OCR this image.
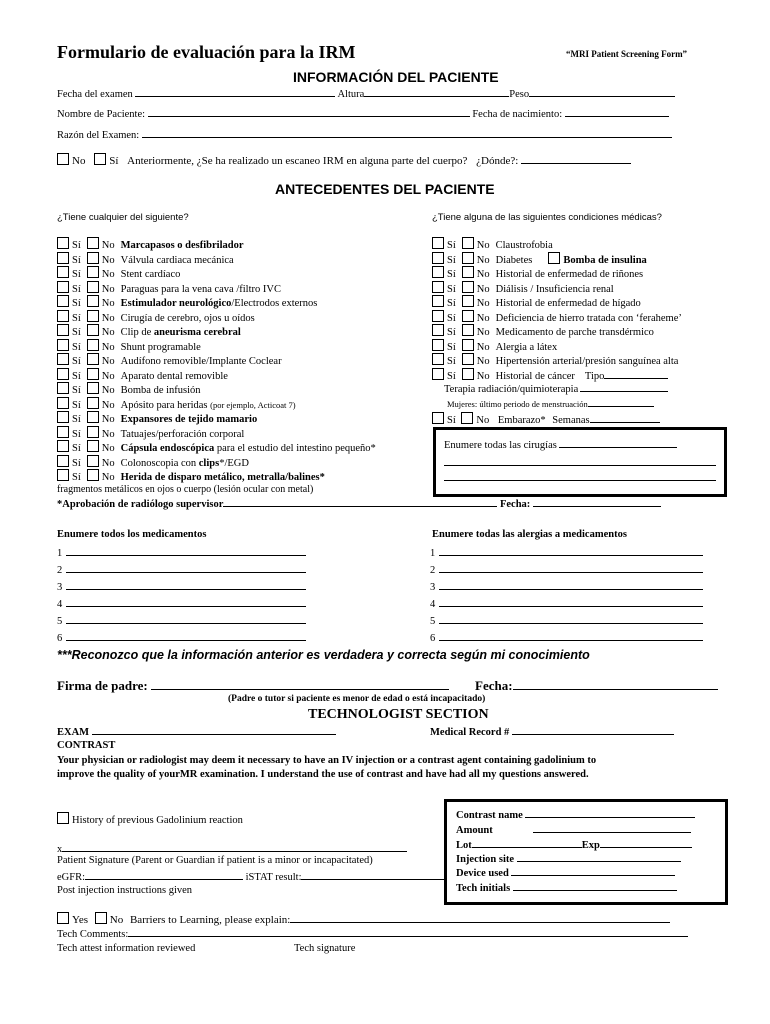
Formulario de evaluación para la IRM	“MRI Patient Screening Form”
INFORMACIÓN DEL PACIENTE
Fecha del examen	Altura	Peso
Nombre de Paciente:	Fecha de nacimiento:
Razón del Examen:
No Sí Anteriormente, ¿Se ha realizado un escaneo IRM en alguna parte del cuerpo? ¿Dónde?:
ANTECEDENTES DEL PACIENTE
¿Tiene cualquier del siguiente?	¿Tiene alguna de las siguientes condiciones médicas?
Sí No Marcapasos o desfibrilador
Sí No Válvula cardiaca mecánica
Sí No Stent cardíaco
Sí No Paraguas para la vena cava /filtro IVC
Sí No Estimulador neurológico/Electrodos externos
Sí No Cirugía de cerebro, ojos u oídos
Sí No Clip de aneurisma cerebral
Sí No Shunt programable
Sí No Audífono removible/Implante Coclear
Sí No Aparato dental removible
Sí No Bomba de infusión
Sí No Apósito para heridas (por ejemplo, Acticoat 7)
Sí No Expansores de tejido mamario
Sí No Tatuajes/perforación corporal
Sí No Cápsula endoscópica para el estudio del intestino pequeño*
Sí No Colonoscopia con clips*/EGD
Sí No Herida de disparo metálico, metralla/balines*
Sí No Claustrofobia
Sí No Diabetes	Bomba de insulina
Sí No Historial de enfermedad de riñones
Sí No Diálisis / Insuficiencia renal
Sí No Historial de enfermedad de hígado
Sí No Deficiencia de hierro tratada con ‘feraheme’
Sí No Medicamento de parche transdérmico
Sí No Alergia a látex
Sí No Hipertensión arterial/presión sanguínea alta
Sí No Historial de cáncer Tipo
Terapia radiación/quimioterapia
Mujeres: último periodo de menstruación
Sí No Embarazo* Semanas
Enumere todas las cirugías
fragmentos metálicos en ojos o cuerpo (lesión ocular con metal)
*Aprobación de radiólogo supervisor	Fecha:
Enumere todos los medicamentos	Enumere todas las alergias a medicamentos
1	1
2	2
3	3
4	4
5	5
6	6
***Reconozco que la información anterior es verdadera y correcta según mi conocimiento
Firma de padre:	Fecha:
(Padre o tutor si paciente es menor de edad o está incapacitado)
TECHNOLOGIST SECTION
EXAM	Medical Record #
CONTRAST
Your physician or radiologist may deem it necessary to have an IV injection or a contrast agent containing gadolinium to
improve the quality of yourMR examination. I understand the use of contrast and have had all my questions answered.
History of previous Gadolinium reaction
x
Patient Signature (Parent or Guardian if patient is a minor or incapacitated)
eGFR:	iSTAT result:
Post injection instructions given
Contrast name
Amount
Lot	Exp
Injection site
Device used
Tech initials
Yes No Barriers to Learning, please explain:
Tech Comments:
Tech attest information reviewed	Tech signature
